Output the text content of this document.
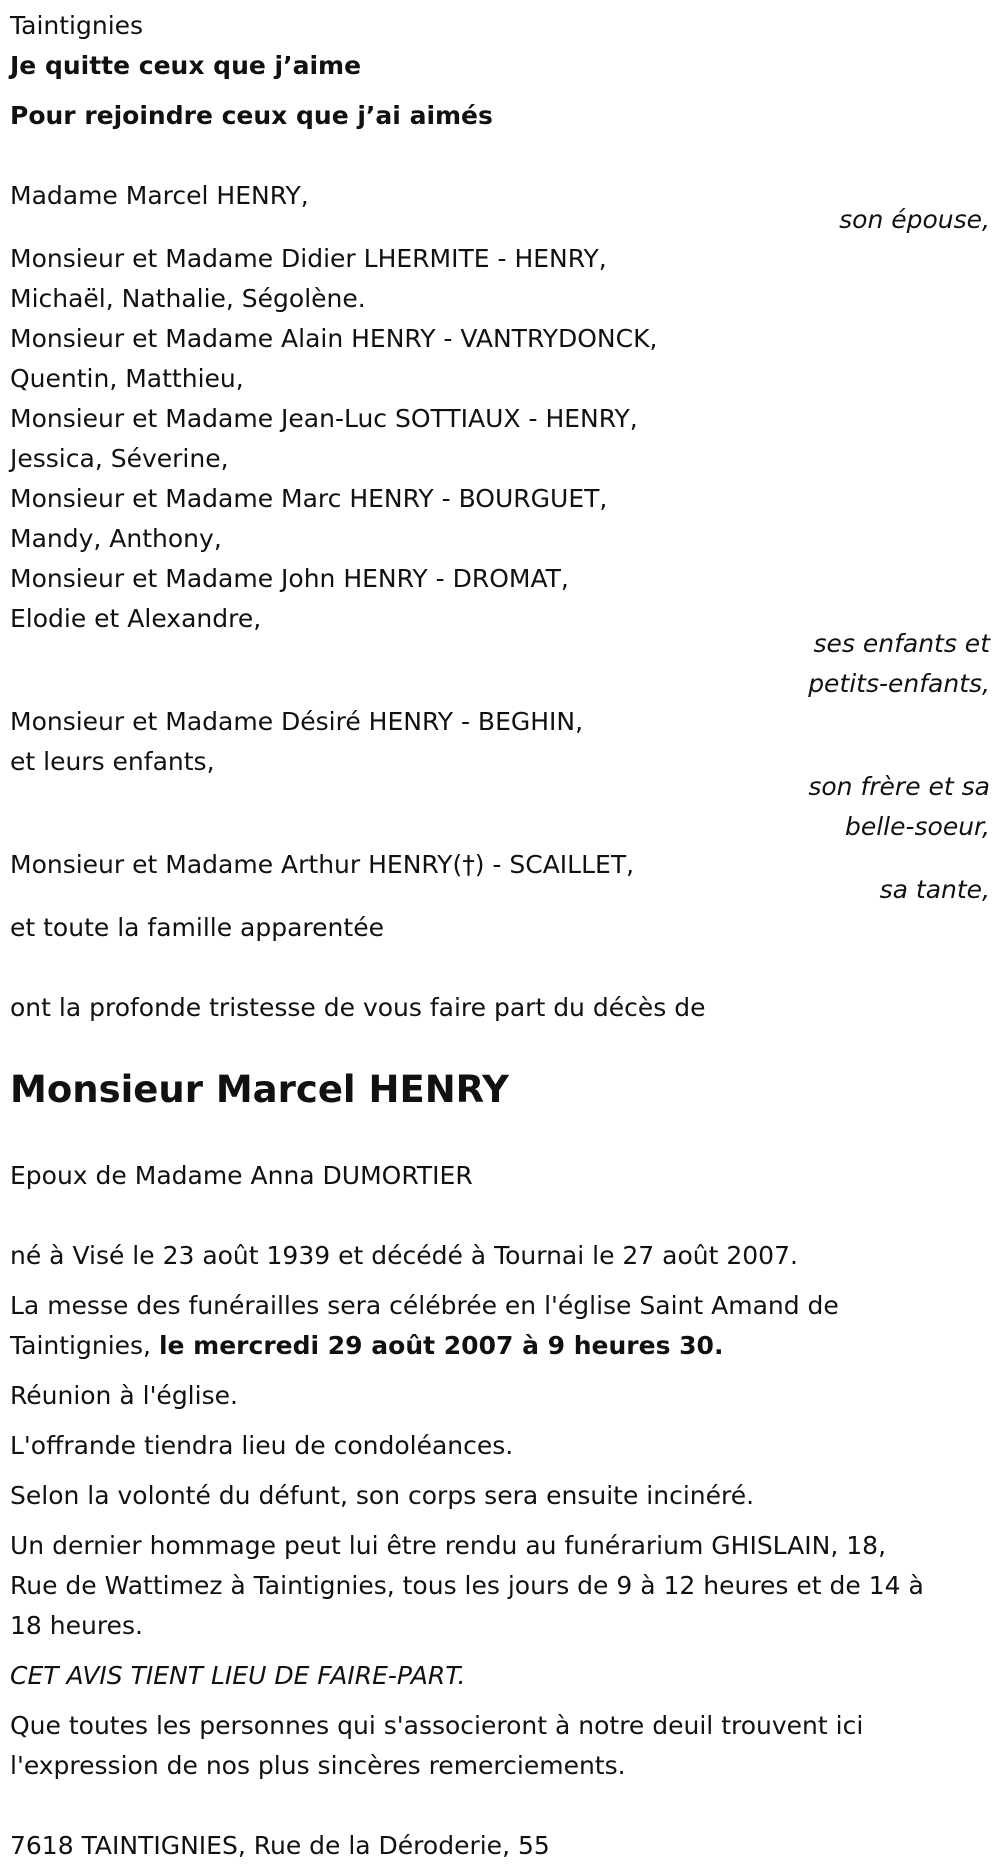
Taintignies

Je quitte ceux que j’aime

Pour rejoindre ceux que j’ai aimés

Madame Marcel HENRY,

son épouse,

Monsieur et Madame Didier LHERMITE - HENRY,

Michaël, Nathalie, Ségolène.

Monsieur et Madame Alain HENRY - VANTRYDONCK,

Quentin, Matthieu,

Monsieur et Madame Jean-Luc SOTTIAUX - HENRY,

Jessica, Séverine,

Monsieur et Madame Marc HENRY - BOURGUET,

Mandy, Anthony,

Monsieur et Madame John HENRY - DROMAT,

Elodie et Alexandre,

ses enfants et

petits-enfants,

Monsieur et Madame Désiré HENRY - BEGHIN,

et leurs enfants,

son frère et sa

belle-soeur,

Monsieur et Madame Arthur HENRY(†) - SCAILLET,

sa tante,

et toute la famille apparentée

ont la profonde tristesse de vous faire part du décès de

Monsieur Marcel HENRY

Epoux de Madame Anna DUMORTIER

né à Visé le 23 août 1939 et décédé à Tournai le 27 août 2007.

La messe des funérailles sera célébrée en l'église Saint Amand de

Taintignies, le mercredi 29 août 2007 à 9 heures 30.

Réunion à l'église.

L'offrande tiendra lieu de condoléances.

Selon la volonté du défunt, son corps sera ensuite incinéré.

Un dernier hommage peut lui être rendu au funérarium GHISLAIN, 18,

Rue de Wattimez à Taintignies, tous les jours de 9 à 12 heures et de 14 à

18 heures.

CET AVIS TIENT LIEU DE FAIRE-PART.

Que toutes les personnes qui s'associeront à notre deuil trouvent ici

l'expression de nos plus sincères remerciements.

7618 TAINTIGNIES, Rue de la Déroderie, 55
